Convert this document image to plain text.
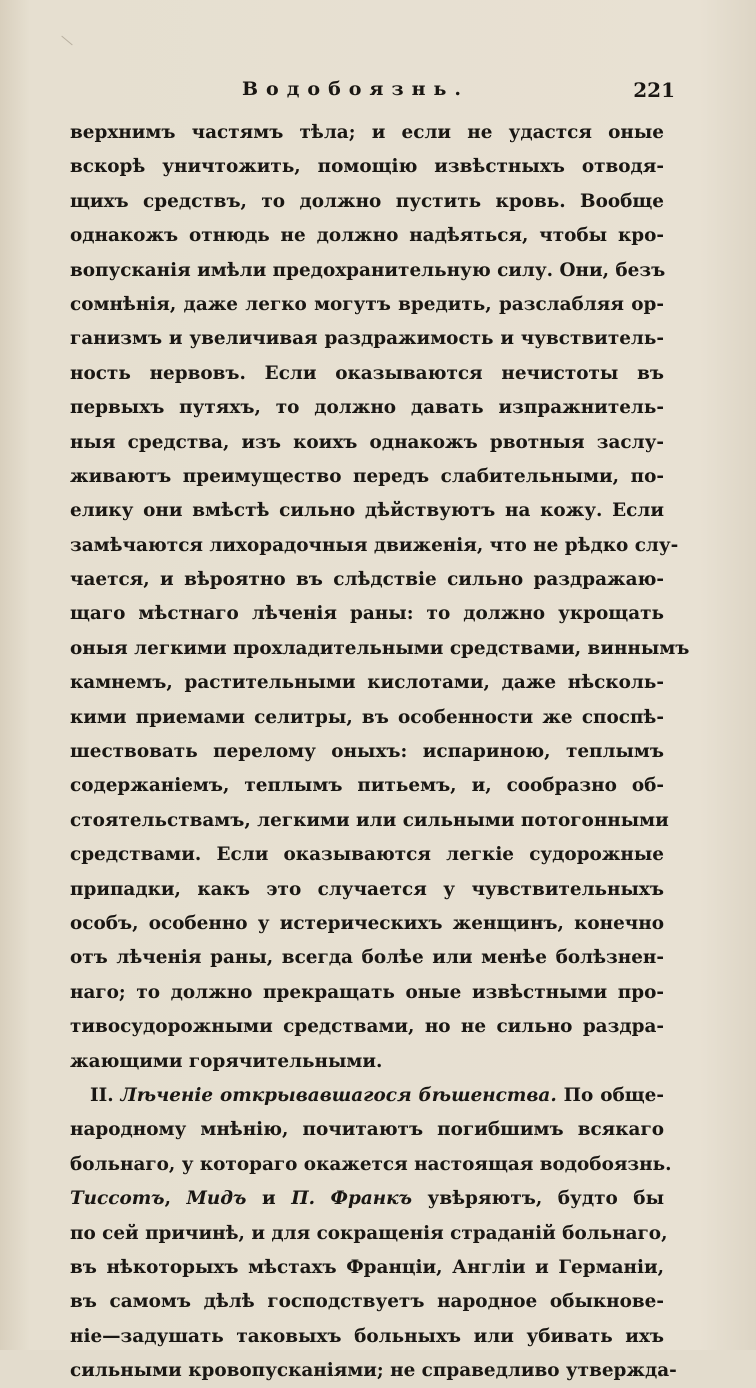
Водобоязнь.	221
верхнимъ частямъ тѣла; и если не удастся оные
вскорѣ уничтожить, помощію извѣстныхъ отводя-
щихъ средствъ, то должно пустить кровь. Вообще
однакожъ отнюдь не должно надѣяться, чтобы кро-
вопусканія имѣли предохранительную силу. Они, безъ
сомнѣнія, даже легко могутъ вредить, разслабляя ор-
ганизмъ и увеличивая раздражимость и чувствитель-
ность нервовъ. Если оказываются нечистоты въ
первыхъ путяхъ, то должно давать изпражнитель-
ныя средства, изъ коихъ однакожъ рвотныя заслу-
живаютъ преимущество передъ слабительными, по-
елику они вмѣстѣ сильно дѣйствуютъ на кожу. Если
замѣчаются лихорадочныя движенія, что не рѣдко слу-
чается, и вѣроятно въ слѣдствіе сильно раздражаю-
щаго мѣстнаго лѣченія раны: то должно укрощать
оныя легкими прохладительными средствами, виннымъ
камнемъ, растительными кислотами, даже нѣсколь-
кими приемами селитры, въ особенности же споспѣ-
шествовать перелому оныхъ: испариною, теплымъ
содержаніемъ, теплымъ питьемъ, и, сообразно об-
стоятельствамъ, легкими или сильными потогонными
средствами. Если оказываются легкіе судорожные
припадки, какъ это случается у чувствительныхъ
особъ, особенно у истерическихъ женщинъ, конечно
отъ лѣченія раны, всегда болѣе или менѣе болѣзнен-
наго; то должно прекращать оные извѣстными про-
тивосудорожными средствами, но не сильно раздра-
жающими горячительными.
II. Лѣченіе открывавшагося бѣшенства. По обще-
народному мнѣнію, почитаютъ погибшимъ всякаго
больнаго, у котораго окажется настоящая водобоязнь.
Тиссотъ, Мидъ и П. Франкъ увѣряютъ, будто бы
по сей причинѣ, и для сокращенія страданій больнаго,
въ нѣкоторыхъ мѣстахъ Франціи, Англіи и Германіи,
въ самомъ дѣлѣ господствуетъ народное обыкнове-
ніе—задушать таковыхъ больныхъ или убивать ихъ
сильными кровопусканіями; не справедливо утвержда-
